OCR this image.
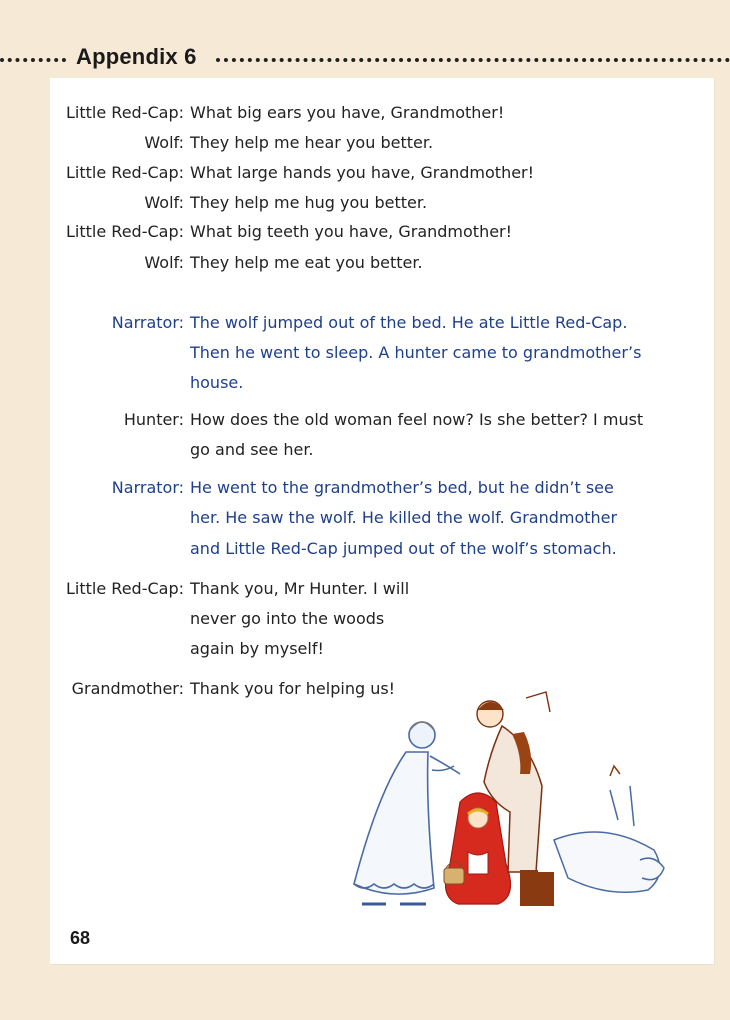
Appendix 6
Little Red-Cap: What big ears you have, Grandmother!
Wolf: They help me hear you better.
Little Red-Cap: What large hands you have, Grandmother!
Wolf: They help me hug you better.
Little Red-Cap: What big teeth you have, Grandmother!
Wolf: They help me eat you better.
Narrator: The wolf jumped out of the bed. He ate Little Red-Cap.
Then he went to sleep. A hunter came to grandmother’s
house.
Hunter: How does the old woman feel now? Is she better? I must
go and see her.
Narrator: He went to the grandmother’s bed, but he didn’t see
her. He saw the wolf. He killed the wolf. Grandmother
and Little Red-Cap jumped out of the wolf’s stomach.
Little Red-Cap: Thank you, Mr Hunter. I will
never go into the woods
again by myself!
Grandmother: Thank you for helping us!
68
